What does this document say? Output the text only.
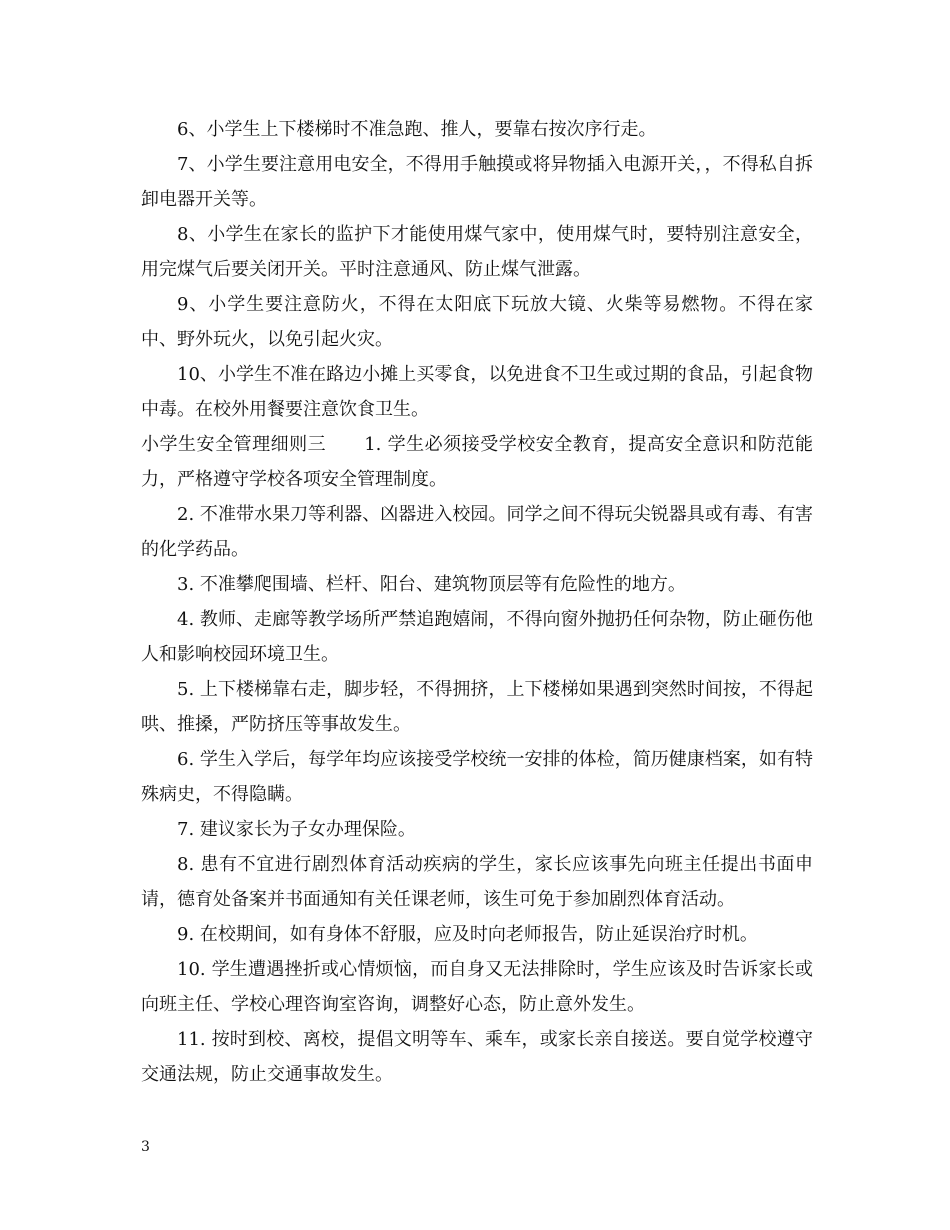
6、小学生上下楼梯时不准急跑、推人，要靠右按次序行走。

7、小学生要注意用电安全，不得用手触摸或将异物插入电源开关，，不得私自拆卸电器开关等。

8、小学生在家长的监护下才能使用煤气家中，使用煤气时，要特别注意安全，用完煤气后要关闭开关。平时注意通风、防止煤气泄露。

9、小学生要注意防火，不得在太阳底下玩放大镜、火柴等易燃物。不得在家中、野外玩火，以免引起火灾。

10、小学生不准在路边小摊上买零食，以免进食不卫生或过期的食品，引起食物中毒。在校外用餐要注意饮食卫生。

小学生安全管理细则三 1. 学生必须接受学校安全教育，提高安全意识和防范能力，严格遵守学校各项安全管理制度。

2. 不准带水果刀等利器、凶器进入校园。同学之间不得玩尖锐器具或有毒、有害的化学药品。

3. 不准攀爬围墙、栏杆、阳台、建筑物顶层等有危险性的地方。

4. 教师、走廊等教学场所严禁追跑嬉闹，不得向窗外抛扔任何杂物，防止砸伤他人和影响校园环境卫生。

5. 上下楼梯靠右走，脚步轻，不得拥挤，上下楼梯如果遇到突然时间按，不得起哄、推搡，严防挤压等事故发生。

6. 学生入学后，每学年均应该接受学校统一安排的体检，简历健康档案，如有特殊病史，不得隐瞒。

7. 建议家长为子女办理保险。

8. 患有不宜进行剧烈体育活动疾病的学生，家长应该事先向班主任提出书面申请，德育处备案并书面通知有关任课老师，该生可免于参加剧烈体育活动。

9. 在校期间，如有身体不舒服，应及时向老师报告，防止延误治疗时机。

10. 学生遭遇挫折或心情烦恼，而自身又无法排除时，学生应该及时告诉家长或向班主任、学校心理咨询室咨询，调整好心态，防止意外发生。

11. 按时到校、离校，提倡文明等车、乘车，或家长亲自接送。要自觉学校遵守交通法规，防止交通事故发生。

3
